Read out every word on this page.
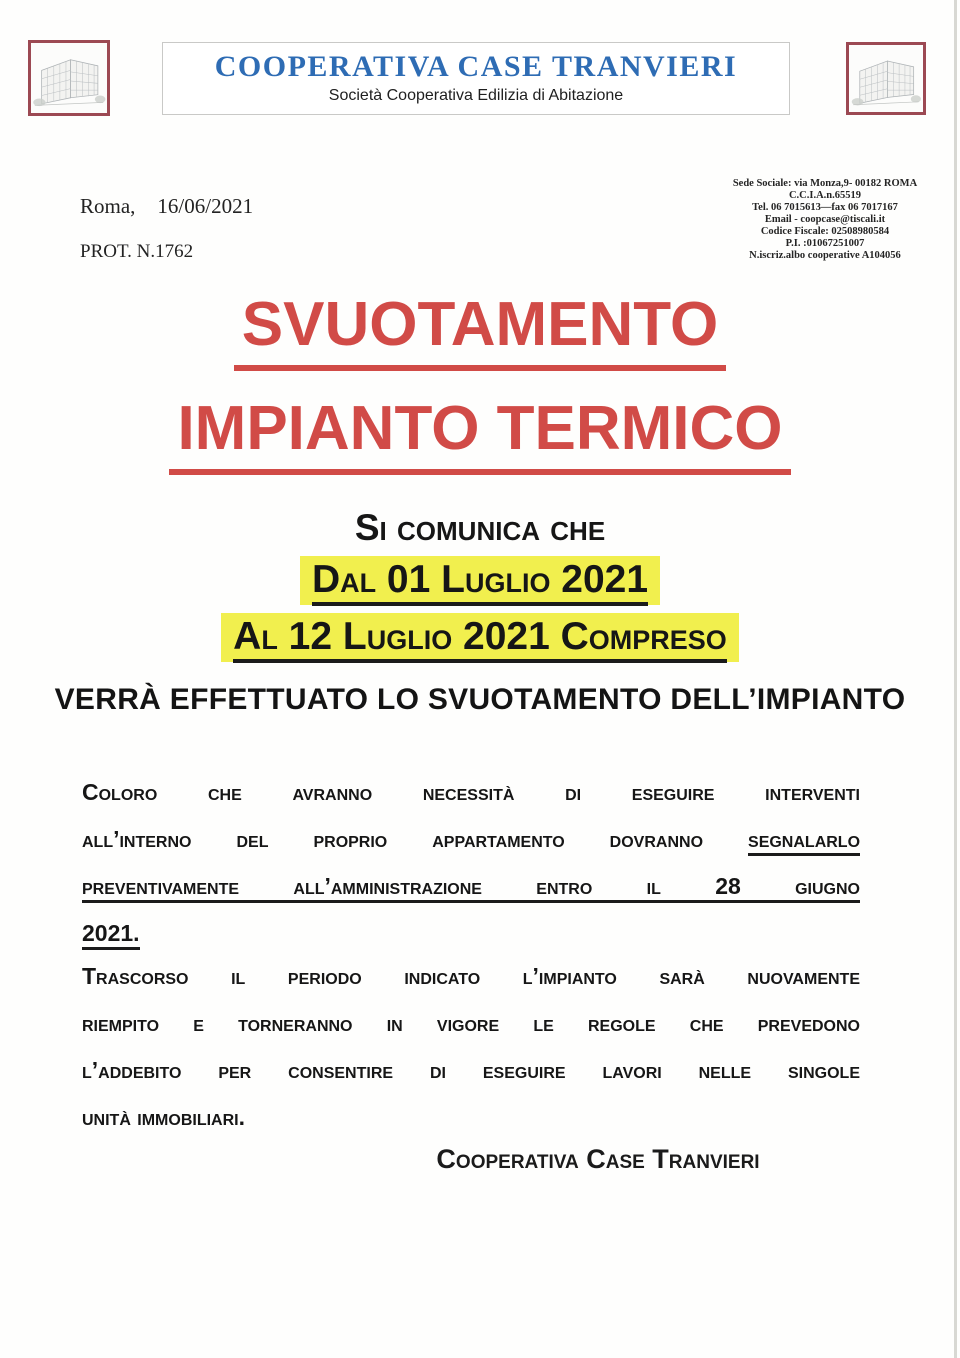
COOPERATIVA CASE TRANVIERI
Società Cooperativa Edilizia di Abitazione
Roma, 16/06/2021
PROT. N.1762
Sede Sociale: via Monza,9- 00182 ROMA
C.C.I.A.n.65519
Tel. 06 7015613—fax 06 7017167
Email - coopcase@tiscali.it
Codice Fiscale: 02508980584
P.I. :01067251007
N.iscriz.albo cooperative A104056
SVUOTAMENTO
IMPIANTO TERMICO
Si comunica che
Dal 01 Luglio 2021
Al 12 Luglio 2021 Compreso
VERRÀ EFFETTUATO LO SVUOTAMENTO DELL’IMPIANTO
Coloro che avranno necessità di eseguire interventi
all’interno del proprio appartamento dovranno segnalarlo
preventivamente all’amministrazione entro il 28 giugno
2021.
Trascorso il periodo indicato l’impianto sarà nuovamente
riempito e torneranno in vigore le regole che prevedono
l’addebito per consentire di eseguire lavori nelle singole
unità immobiliari.
Cooperativa Case Tranvieri
